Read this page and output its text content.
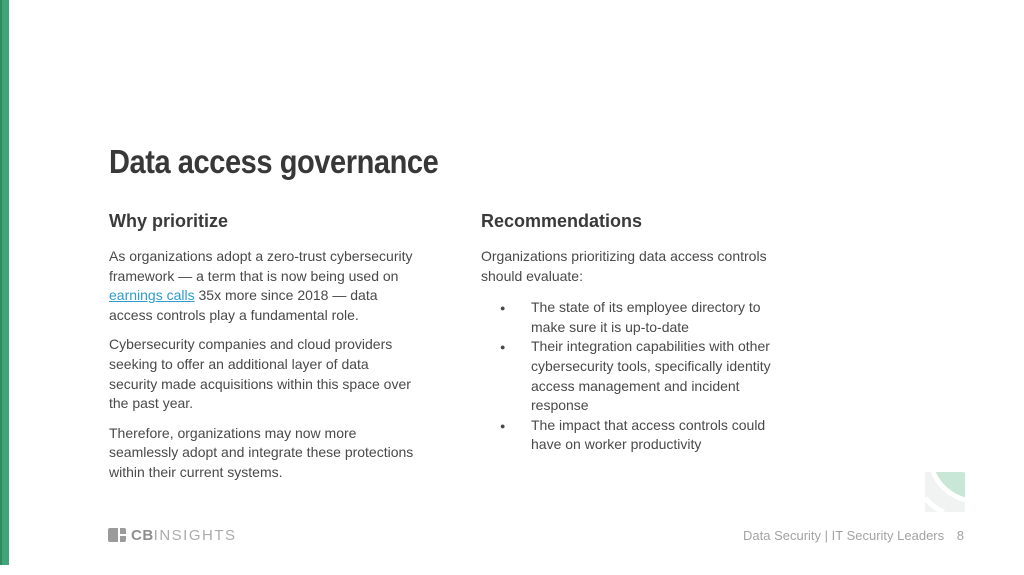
Data access governance
Why prioritize

As organizations adopt a zero-trust cybersecurity framework — a term that is now being used on earnings calls 35x more since 2018 — data access controls play a fundamental role.

Cybersecurity companies and cloud providers seeking to offer an additional layer of data security made acquisitions within this space over the past year.

Therefore, organizations may now more seamlessly adopt and integrate these protections within their current systems.

Recommendations

Organizations prioritizing data access controls should evaluate:

● The state of its employee directory to make sure it is up-to-date
● Their integration capabilities with other cybersecurity tools, specifically identity access management and incident response
● The impact that access controls could have on worker productivity
CB INSIGHTS	Data Security | IT Security Leaders 8
